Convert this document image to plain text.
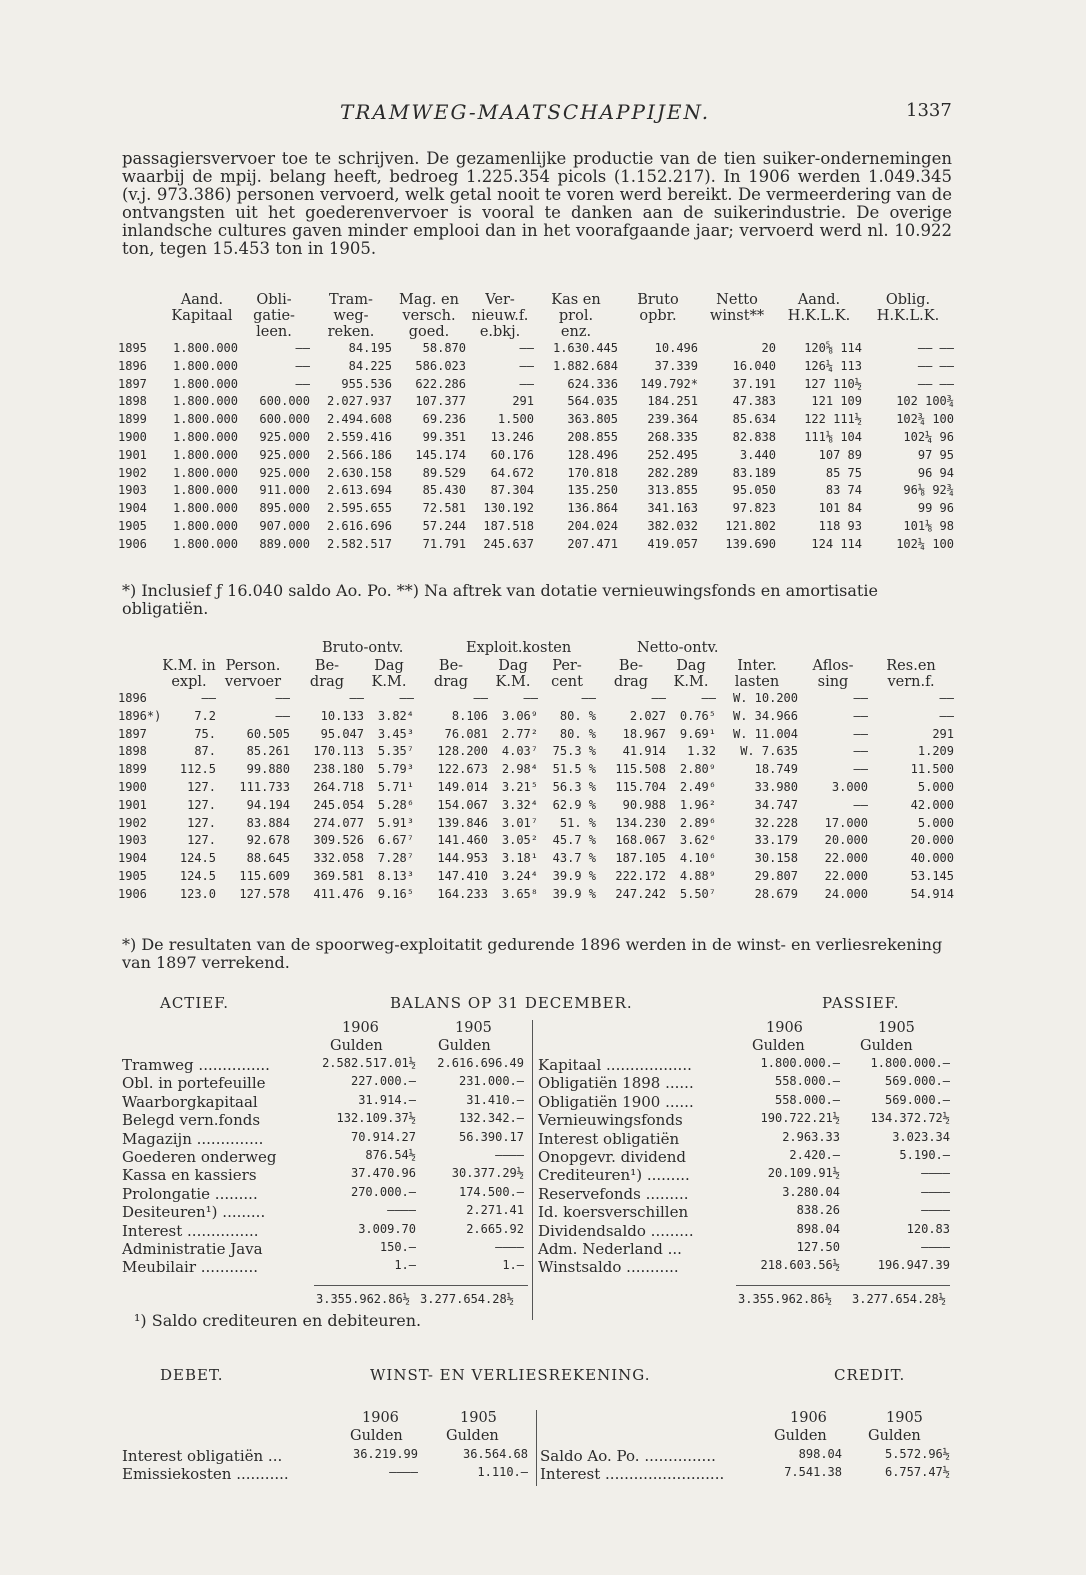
TRAMWEG-MAATSCHAPPIJEN.	1337

passagiersvervoer toe te schrijven. De gezamenlijke productie van de tien suiker-ondernemingen waarbij de mpij. belang heeft, bedroeg 1.225.354 picols (1.152.217). In 1906 werden 1.049.345 (v.j. 973.386) personen vervoerd, welk getal nooit te voren werd bereikt. De vermeerdering van de ontvangsten uit het goederenvervoer is vooral te danken aan de suikerindustrie. De overige inlandsche cultures gaven minder emplooi dan in het voorafgaande jaar; vervoerd werd nl. 10.922 ton, tegen 15.453 ton in 1905.

	Aand.	Obli-	Tram-	Mag. en	Ver-	Kas en	Bruto	Netto	Aand.	Oblig.
	Kapitaal	gatie-	weg-	versch.	nieuw.f.	prol.	opbr.	winst**	H.K.L.K.	H.K.L.K.
		leen.	reken.	goed.	e.bkj.	enz.				
1895	1.800.000	——	84.195	58.870	——	1.630.445	10.496	20	120⅝ 114	—— ——
1896	1.800.000	——	84.225	586.023	——	1.882.684	37.339	16.040	126¼ 113	—— ——
1897	1.800.000	——	955.536	622.286	——	624.336	149.792*	37.191	127 110½	—— ——
1898	1.800.000	600.000	2.027.937	107.377	291	564.035	184.251	47.383	121 109	102 100¾
1899	1.800.000	600.000	2.494.608	69.236	1.500	363.805	239.364	85.634	122 111½	102¾ 100
1900	1.800.000	925.000	2.559.416	99.351	13.246	208.855	268.335	82.838	111⅛ 104	102¼ 96
1901	1.800.000	925.000	2.566.186	145.174	60.176	128.496	252.495	3.440	107 89	97 95
1902	1.800.000	925.000	2.630.158	89.529	64.672	170.818	282.289	83.189	85 75	96 94
1903	1.800.000	911.000	2.613.694	85.430	87.304	135.250	313.855	95.050	83 74	96⅛ 92¾
1904	1.800.000	895.000	2.595.655	72.581	130.192	136.864	341.163	97.823	101 84	99 96
1905	1.800.000	907.000	2.616.696	57.244	187.518	204.024	382.032	121.802	118 93	101⅛ 98
1906	1.800.000	889.000	2.582.517	71.791	245.637	207.471	419.057	139.690	124 114	102¼ 100

*) Inclusief ƒ 16.040 saldo Ao. Po. **) Na aftrek van dotatie vernieuwingsfonds en amortisatie obligatiën.

Bruto-ontv.	Exploit.kosten	Netto-ontv.
	K.M. in	Person.	Be-	Dag	Be-	Dag	Per-	Be-	Dag	Inter.	Aflos-	Res.en
	expl.	vervoer	drag	K.M.	drag	K.M.	cent	drag	K.M.	lasten	sing	vern.f.
1896	——	——	——	——	——	——	——	——	——	W. 10.200	——	——
1896*)	7.2	——	10.133	3.82⁴	8.106	3.06⁹	80. %	2.027	0.76⁵	W. 34.966	——	——
1897	75.	60.505	95.047	3.45³	76.081	2.77²	80. %	18.967	9.69¹	W. 11.004	——	291
1898	87.	85.261	170.113	5.35⁷	128.200	4.03⁷	75.3 %	41.914	1.32	W. 7.635	——	1.209
1899	112.5	99.880	238.180	5.79³	122.673	2.98⁴	51.5 %	115.508	2.80⁹	18.749	——	11.500
1900	127.	111.733	264.718	5.71¹	149.014	3.21⁵	56.3 %	115.704	2.49⁶	33.980	3.000	5.000
1901	127.	94.194	245.054	5.28⁶	154.067	3.32⁴	62.9 %	90.988	1.96²	34.747	——	42.000
1902	127.	83.884	274.077	5.91³	139.846	3.01⁷	51. %	134.230	2.89⁶	32.228	17.000	5.000
1903	127.	92.678	309.526	6.67⁷	141.460	3.05²	45.7 %	168.067	3.62⁶	33.179	20.000	20.000
1904	124.5	88.645	332.058	7.28⁷	144.953	3.18¹	43.7 %	187.105	4.10⁶	30.158	22.000	40.000
1905	124.5	115.609	369.581	8.13³	147.410	3.24⁴	39.9 %	222.172	4.88⁹	29.807	22.000	53.145
1906	123.0	127.578	411.476	9.16⁵	164.233	3.65⁸	39.9 %	247.242	5.50⁷	28.679	24.000	54.914

*) De resultaten van de spoorweg-exploitatit gedurende 1896 werden in de winst- en verliesrekening van 1897 verrekend.

ACTIEF.	BALANS OP 31 DECEMBER.	PASSIEF.
1906	1905	1906	1905
Gulden	Gulden	Gulden	Gulden
Tramweg ...............	2.582.517.01½ 2.616.696.49
Obl. in portefeuille	227.000.—	231.000.—
Waarborgkapitaal	31.914.—	31.410.—
Belegd vern.fonds	132.109.37½	132.342.—
Magazijn ..............	70.914.27	56.390.17
Goederen onderweg	876.54½	————
Kassa en kassiers	37.470.96	30.377.29½
Prolongatie .........	270.000.—	174.500.—
Desiteuren¹) .........	————	2.271.41
Interest ...............	3.009.70	2.665.92
Administratie Java	150.—	————
Meubilair ............	1.—	1.—
Kapitaal ..................	1.800.000.—	1.800.000.—
Obligatiën 1898 ......	558.000.—	569.000.—
Obligatiën 1900 ......	558.000.—	569.000.—
Vernieuwingsfonds	190.722.21½	134.372.72½
Interest obligatiën	2.963.33	3.023.34
Onopgevr. dividend	2.420.—	5.190.—
Crediteuren¹) .........	20.109.91½	————
Reservefonds .........	3.280.04	————
Id. koersverschillen	838.26	————
Dividendsaldo .........	898.04	120.83
Adm. Nederland ...	127.50	————
Winstsaldo ...........	218.603.56½	196.947.39
3.355.962.86½ 3.277.654.28½	3.355.962.86½ 3.277.654.28½

¹) Saldo crediteuren en debiteuren.

DEBET.	WINST- EN VERLIESREKENING.	CREDIT.
1906	1905	1906	1905
Gulden	Gulden	Gulden	Gulden
Interest obligatiën ...	36.219.99	36.564.68
Emissiekosten ...........	————	1.110.—
Saldo Ao. Po. ...............	898.04	5.572.96½
Interest .........................	7.541.38	6.757.47½
